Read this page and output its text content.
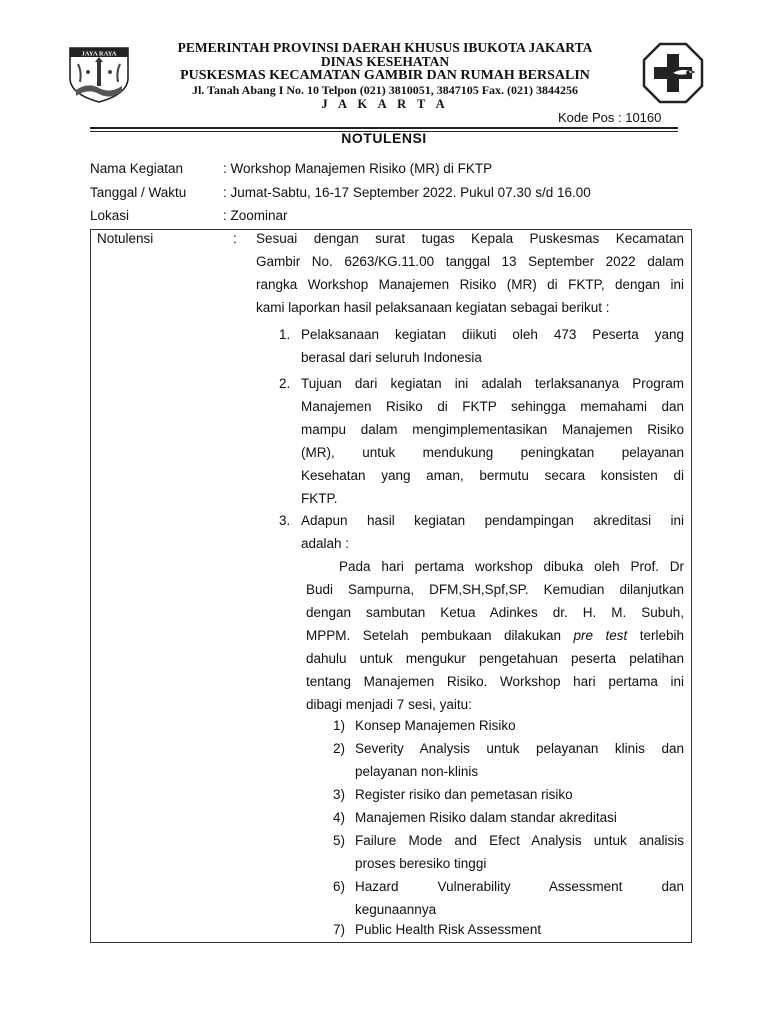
JAYA RAYA	PEMERINTAH PROVINSI DAERAH KHUSUS IBUKOTA JAKARTA
DINAS KESEHATAN
PUSKESMAS KECAMATAN GAMBIR DAN RUMAH BERSALIN
Jl. Tanah Abang I No. 10 Telpon (021) 3810051, 3847105 Fax. (021) 3844256
J A K A R T A
Kode Pos : 10160
NOTULENSI
Nama Kegiatan	: Workshop Manajemen Risiko (MR) di FKTP
Tanggal / Waktu	: Jumat-Sabtu, 16-17 September 2022. Pukul 07.30 s/d 16.00
Lokasi	: Zoominar
Notulensi	: Sesuai dengan surat tugas Kepala Puskesmas Kecamatan
Gambir No. 6263/KG.11.00 tanggal 13 September 2022 dalam
rangka Workshop Manajemen Risiko (MR) di FKTP, dengan ini
kami laporkan hasil pelaksanaan kegiatan sebagai berikut :
1. Pelaksanaan kegiatan diikuti oleh 473 Peserta yang
berasal dari seluruh Indonesia
2. Tujuan dari kegiatan ini adalah terlaksananya Program
Manajemen Risiko di FKTP sehingga memahami dan
mampu dalam mengimplementasikan Manajemen Risiko
(MR), untuk mendukung peningkatan pelayanan
Kesehatan yang aman, bermutu secara konsisten di
FKTP.
3. Adapun hasil kegiatan pendampingan akreditasi ini
adalah :
Pada hari pertama workshop dibuka oleh Prof. Dr
Budi Sampurna, DFM,SH,Spf,SP. Kemudian dilanjutkan
dengan sambutan Ketua Adinkes dr. H. M. Subuh,
MPPM. Setelah pembukaan dilakukan pre test terlebih
dahulu untuk mengukur pengetahuan peserta pelatihan
tentang Manajemen Risiko. Workshop hari pertama ini
dibagi menjadi 7 sesi, yaitu:
1) Konsep Manajemen Risiko
2) Severity Analysis untuk pelayanan klinis dan
pelayanan non-klinis
3) Register risiko dan pemetasan risiko
4) Manajemen Risiko dalam standar akreditasi
5) Failure Mode and Efect Analysis untuk analisis
proses beresiko tinggi
6) Hazard Vulnerability Assessment dan
kegunaannya
7) Public Health Risk Assessment
